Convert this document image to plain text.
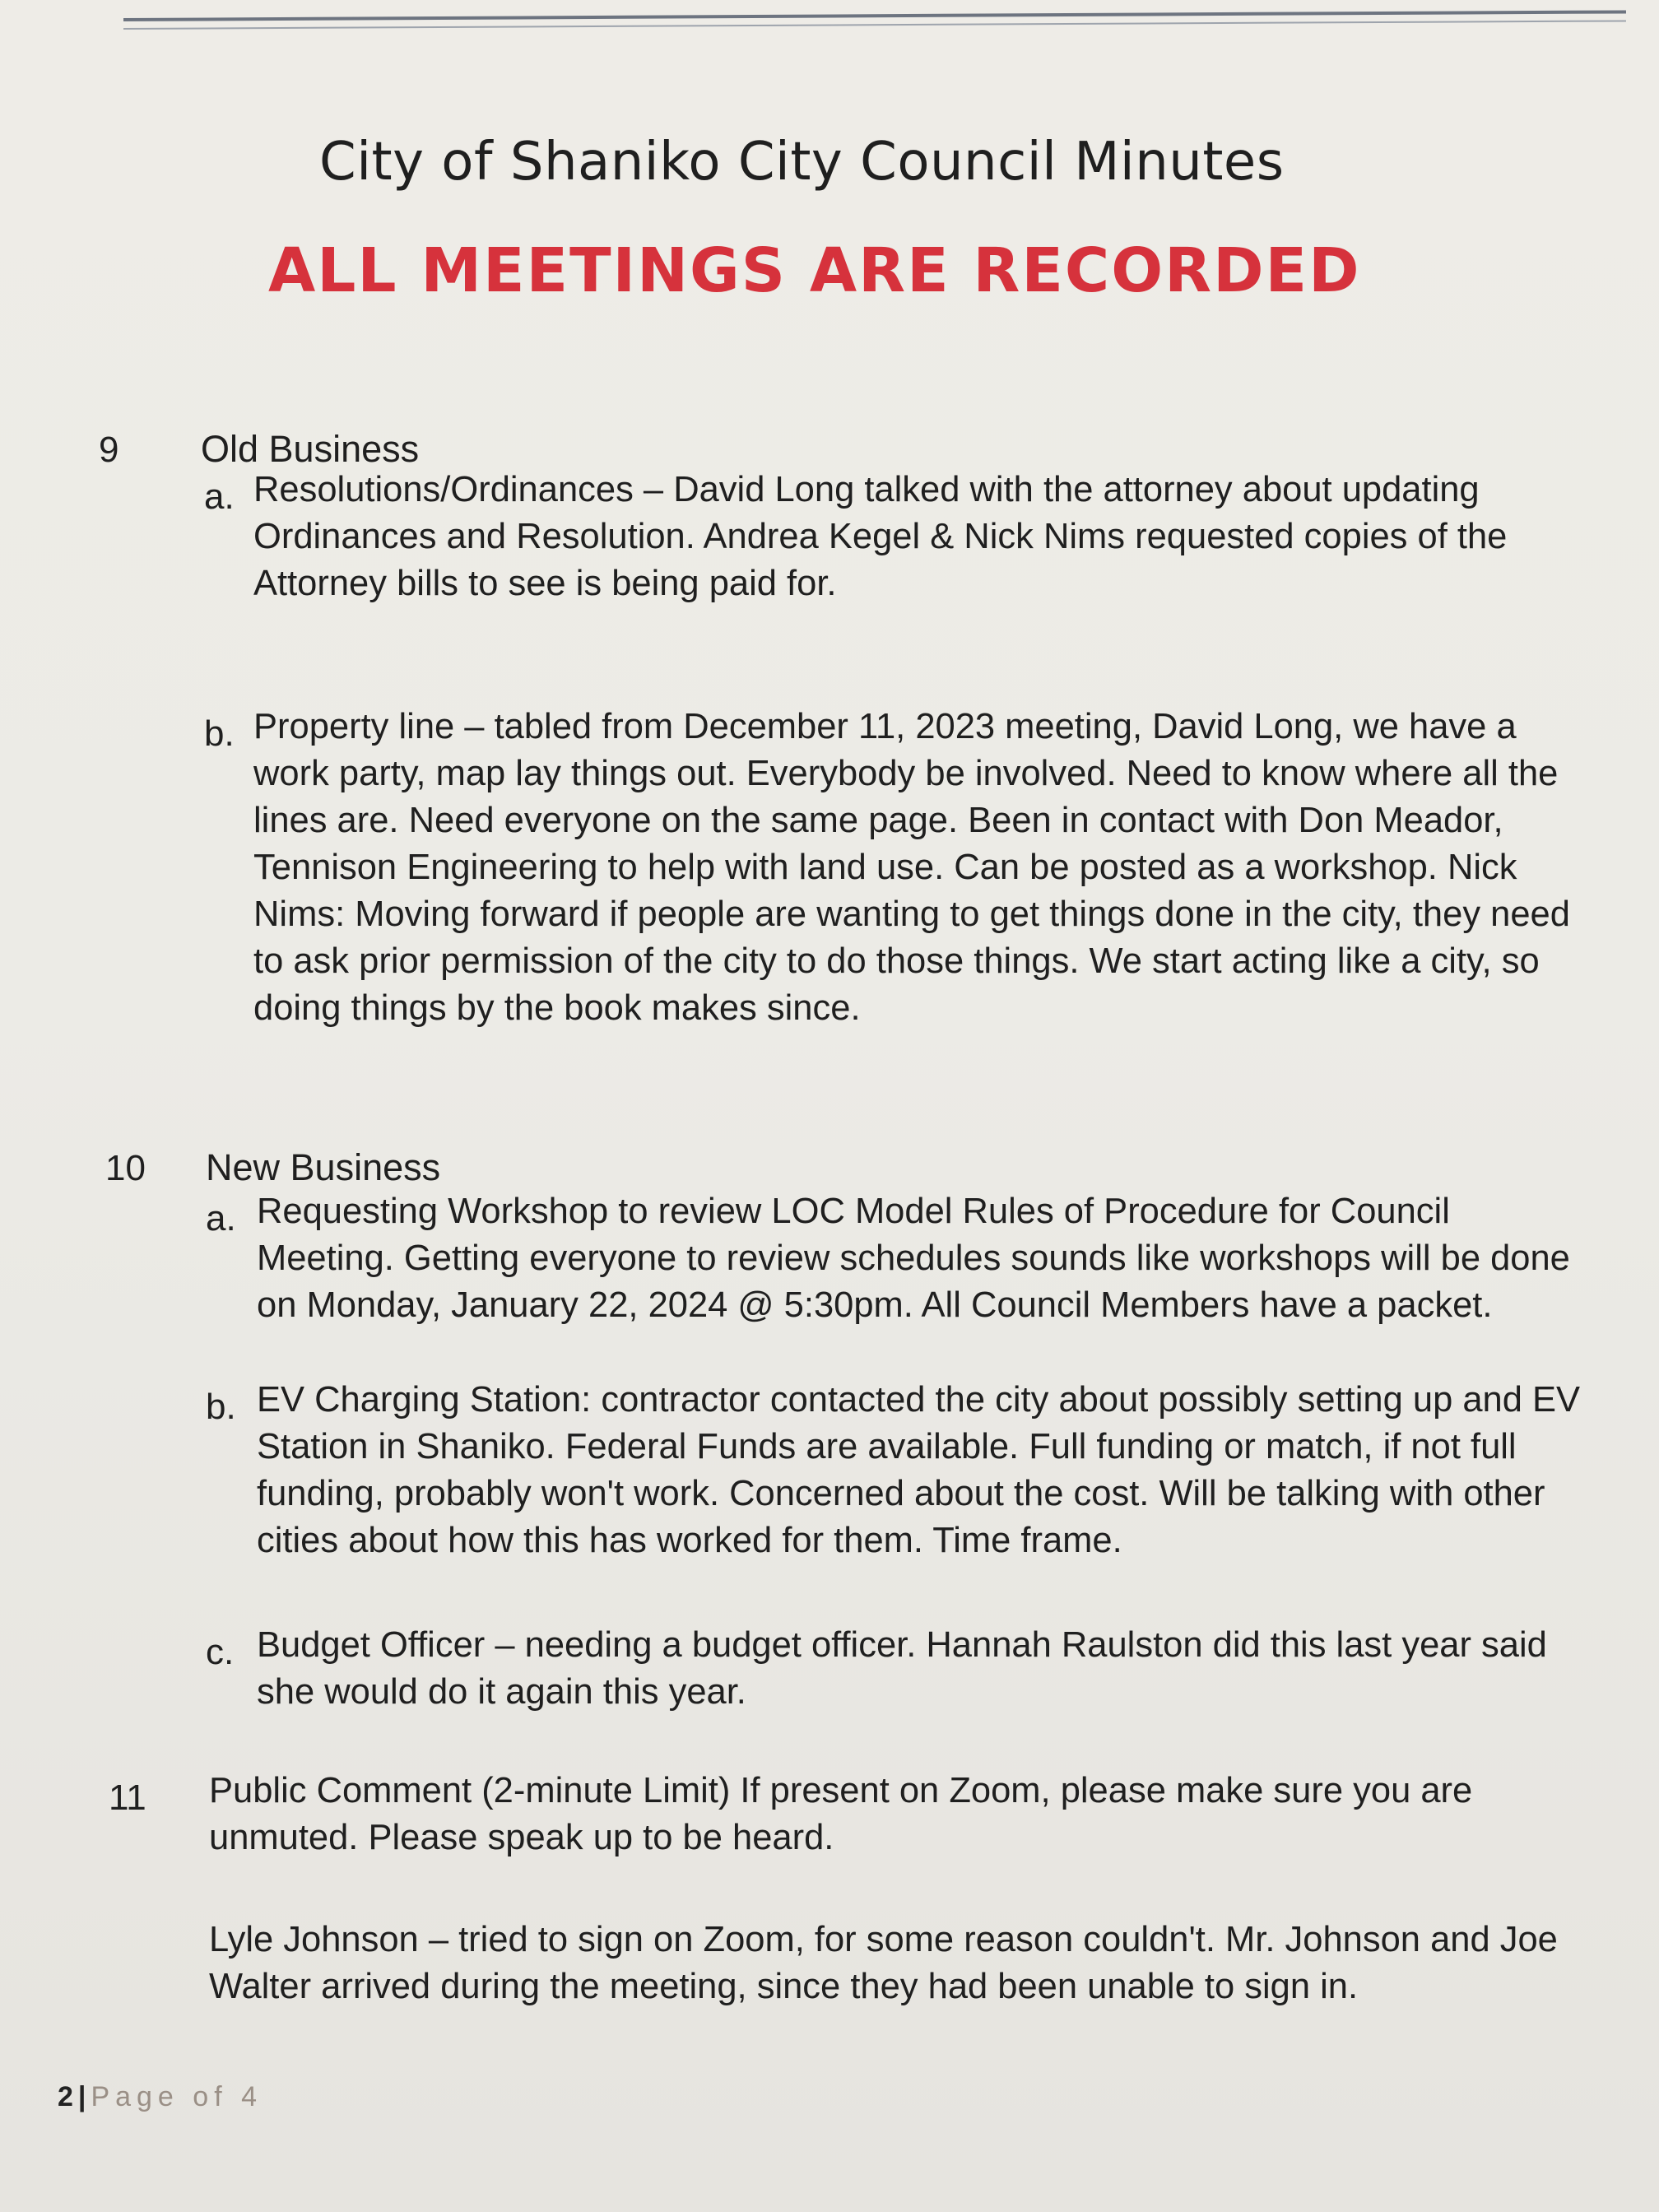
City of Shaniko City Council Minutes
ALL MEETINGS ARE RECORDED
9 Old Business
a. Resolutions/Ordinances – David Long talked with the attorney about updating Ordinances and Resolution. Andrea Kegel & Nick Nims requested copies of the Attorney bills to see is being paid for.
b. Property line – tabled from December 11, 2023 meeting, David Long, we have a work party, map lay things out. Everybody be involved. Need to know where all the lines are. Need everyone on the same page. Been in contact with Don Meador, Tennison Engineering to help with land use. Can be posted as a workshop. Nick Nims: Moving forward if people are wanting to get things done in the city, they need to ask prior permission of the city to do those things. We start acting like a city, so doing things by the book makes since.
10 New Business
a. Requesting Workshop to review LOC Model Rules of Procedure for Council Meeting. Getting everyone to review schedules sounds like workshops will be done on Monday, January 22, 2024 @ 5:30pm. All Council Members have a packet.
b. EV Charging Station: contractor contacted the city about possibly setting up and EV Station in Shaniko. Federal Funds are available. Full funding or match, if not full funding, probably won't work. Concerned about the cost. Will be talking with other cities about how this has worked for them. Time frame.
c. Budget Officer – needing a budget officer. Hannah Raulston did this last year said she would do it again this year.
11 Public Comment (2-minute Limit) If present on Zoom, please make sure you are unmuted. Please speak up to be heard.
Lyle Johnson – tried to sign on Zoom, for some reason couldn't. Mr. Johnson and Joe Walter arrived during the meeting, since they had been unable to sign in.
2 | Page of 4
